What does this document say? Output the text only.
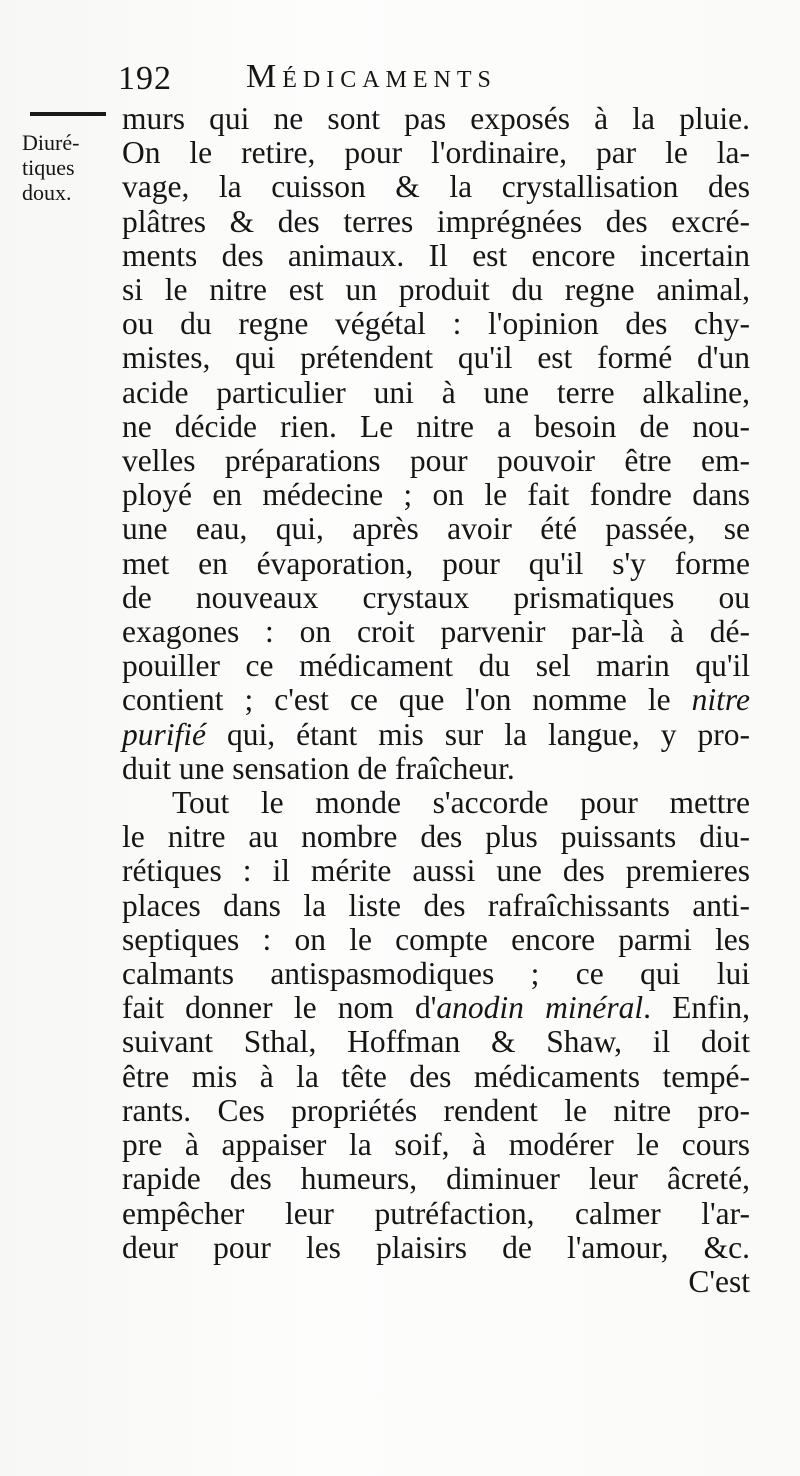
192 Médicaments
Diuré-
tiques
doux.
murs qui ne sont pas exposés à la pluie.
On le retire, pour l'ordinaire, par le la-
vage, la cuisson & la crystallisation des
plâtres & des terres imprégnées des excré-
ments des animaux. Il est encore incertain
si le nitre est un produit du regne animal,
ou du regne végétal : l'opinion des chy-
mistes, qui prétendent qu'il est formé d'un
acide particulier uni à une terre alkaline,
ne décide rien. Le nitre a besoin de nou-
velles préparations pour pouvoir être em-
ployé en médecine ; on le fait fondre dans
une eau, qui, après avoir été passée, se
met en évaporation, pour qu'il s'y forme
de nouveaux crystaux prismatiques ou
exagones : on croit parvenir par-là à dé-
pouiller ce médicament du sel marin qu'il
contient ; c'est ce que l'on nomme le nitre
purifié qui, étant mis sur la langue, y pro-
duit une sensation de fraîcheur.
Tout le monde s'accorde pour mettre
le nitre au nombre des plus puissants diu-
rétiques : il mérite aussi une des premieres
places dans la liste des rafraîchissants anti-
septiques : on le compte encore parmi les
calmants antispasmodiques ; ce qui lui
fait donner le nom d'anodin minéral. Enfin,
suivant Sthal, Hoffman & Shaw, il doit
être mis à la tête des médicaments tempé-
rants. Ces propriétés rendent le nitre pro-
pre à appaiser la soif, à modérer le cours
rapide des humeurs, diminuer leur âcreté,
empêcher leur putréfaction, calmer l'ar-
deur pour les plaisirs de l'amour, &c.
C'est
